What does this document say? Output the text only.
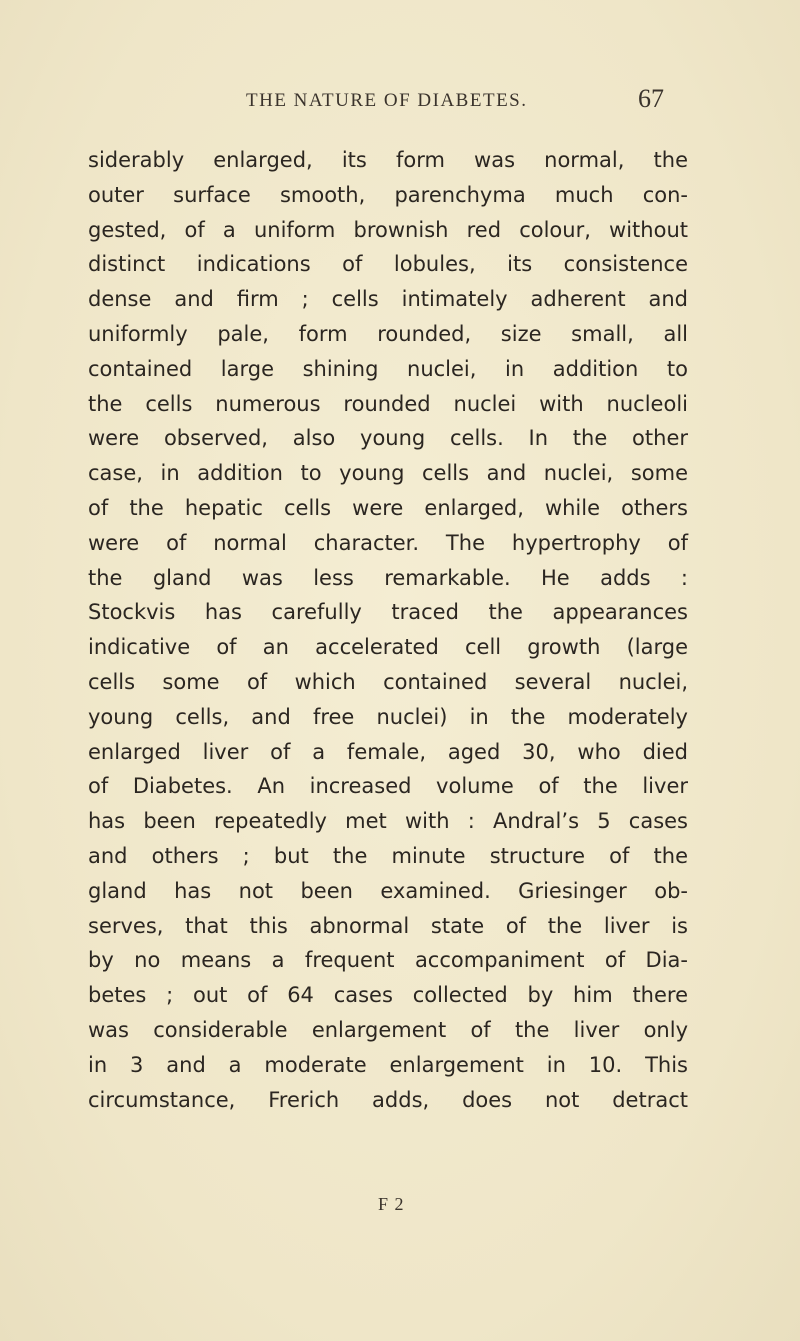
THE NATURE OF DIABETES.	67
siderably enlarged, its form was normal, the
outer surface smooth, parenchyma much con-
gested, of a uniform brownish red colour, without
distinct indications of lobules, its consistence
dense and firm ; cells intimately adherent and
uniformly pale, form rounded, size small, all
contained large shining nuclei, in addition to
the cells numerous rounded nuclei with nucleoli
were observed, also young cells. In the other
case, in addition to young cells and nuclei, some
of the hepatic cells were enlarged, while others
were of normal character. The hypertrophy of
the gland was less remarkable. He adds :
Stockvis has carefully traced the appearances
indicative of an accelerated cell growth (large
cells some of which contained several nuclei,
young cells, and free nuclei) in the moderately
enlarged liver of a female, aged 30, who died
of Diabetes. An increased volume of the liver
has been repeatedly met with : Andral’s 5 cases
and others ; but the minute structure of the
gland has not been examined. Griesinger ob-
serves, that this abnormal state of the liver is
by no means a frequent accompaniment of Dia-
betes ; out of 64 cases collected by him there
was considerable enlargement of the liver only
in 3 and a moderate enlargement in 10. This
circumstance, Frerich adds, does not detract
F 2
